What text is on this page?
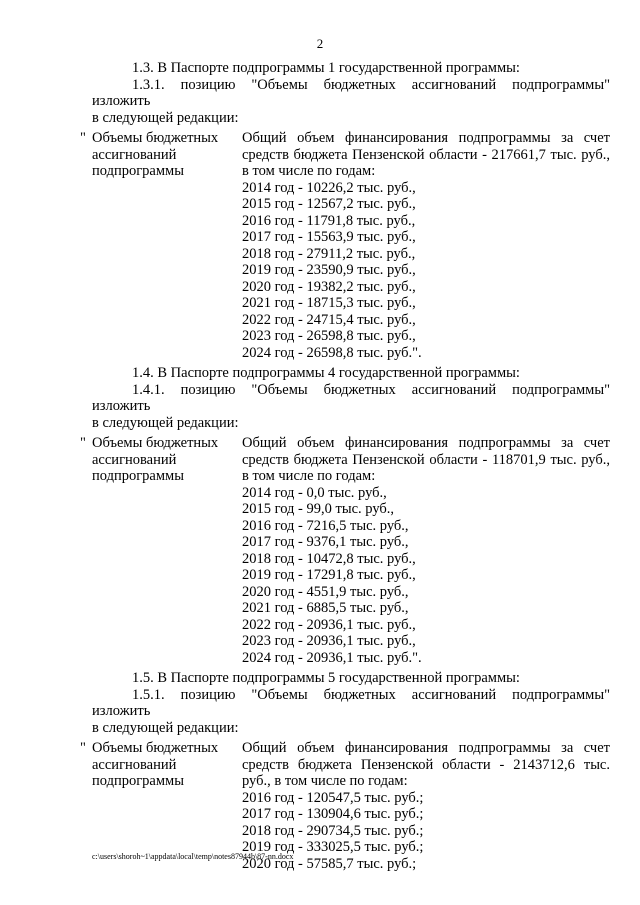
2

1.3. В Паспорте подпрограммы 1 государственной программы:

1.3.1. позицию "Объемы бюджетных ассигнований подпрограммы" изложить

в следующей редакции:

" Объемы бюджетных
ассигнований
подпрограммы
Общий объем финансирования подпрограммы за счет средств бюджета Пензенской области - 217661,7 тыс. руб., в том числе по годам:
2014 год - 10226,2 тыс. руб.,
2015 год - 12567,2 тыс. руб.,
2016 год - 11791,8 тыс. руб.,
2017 год - 15563,9 тыс. руб.,
2018 год - 27911,2 тыс. руб.,
2019 год - 23590,9 тыс. руб.,
2020 год - 19382,2 тыс. руб.,
2021 год - 18715,3 тыс. руб.,
2022 год - 24715,4 тыс. руб.,
2023 год - 26598,8 тыс. руб.,
2024 год - 26598,8 тыс. руб.".

1.4. В Паспорте подпрограммы 4 государственной программы:

1.4.1. позицию "Объемы бюджетных ассигнований подпрограммы" изложить

в следующей редакции:

" Объемы бюджетных
ассигнований
подпрограммы
Общий объем финансирования подпрограммы за счет средств бюджета Пензенской области - 118701,9 тыс. руб., в том числе по годам:
2014 год - 0,0 тыс. руб.,
2015 год - 99,0 тыс. руб.,
2016 год - 7216,5 тыс. руб.,
2017 год - 9376,1 тыс. руб.,
2018 год - 10472,8 тыс. руб.,
2019 год - 17291,8 тыс. руб.,
2020 год - 4551,9 тыс. руб.,
2021 год - 6885,5 тыс. руб.,
2022 год - 20936,1 тыс. руб.,
2023 год - 20936,1 тыс. руб.,
2024 год - 20936,1 тыс. руб.".

1.5. В Паспорте подпрограммы 5 государственной программы:

1.5.1. позицию "Объемы бюджетных ассигнований подпрограммы" изложить

в следующей редакции:

" Объемы бюджетных
ассигнований
подпрограммы
Общий объем финансирования подпрограммы за счет средств бюджета Пензенской области - 2143712,6 тыс. руб., в том числе по годам:
2016 год - 120547,5 тыс. руб.;
2017 год - 130904,6 тыс. руб.;
2018 год - 290734,5 тыс. руб.;
2019 год - 333025,5 тыс. руб.;
2020 год - 57585,7 тыс. руб.;
c:\users\shoroh~1\appdata\local\temp\notes87944b\87-nn.docx
